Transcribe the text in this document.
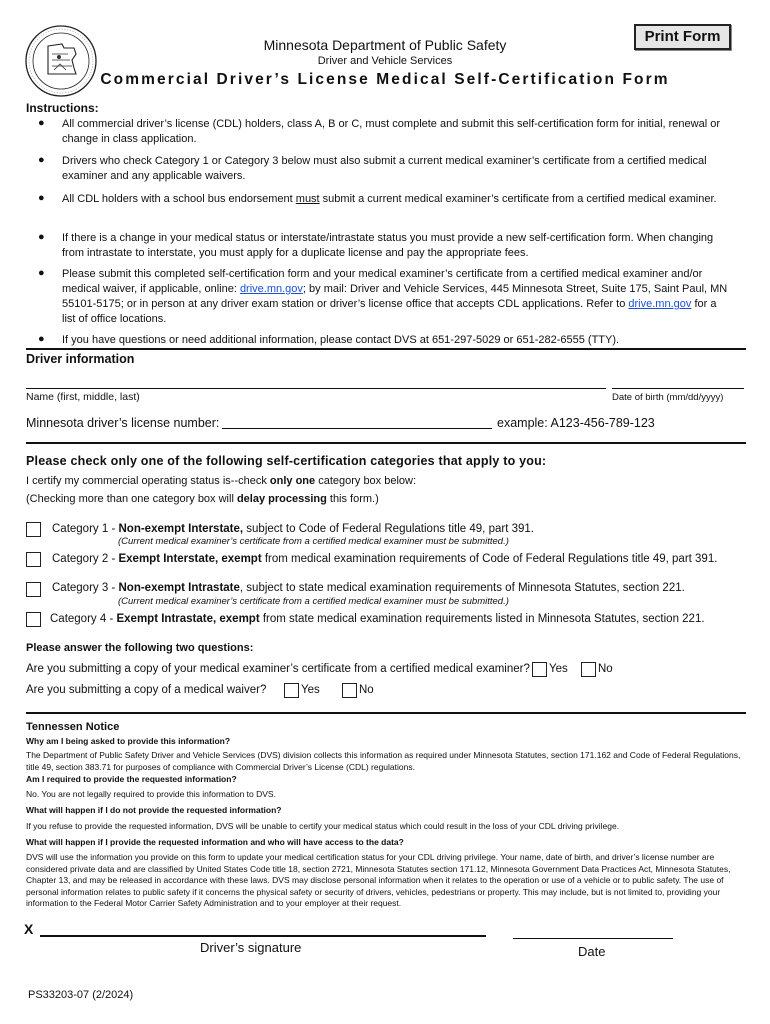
Print Form
Minnesota Department of Public Safety
Driver and Vehicle Services
Commercial Driver’s License Medical Self-Certification Form
Instructions:
● All commercial driver’s license (CDL) holders, class A, B or C, must complete and submit this self-certification form for initial, renewal or change in class application.
● Drivers who check Category 1 or Category 3 below must also submit a current medical examiner’s certificate from a certified medical examiner and any applicable waivers.
● All CDL holders with a school bus endorsement must submit a current medical examiner’s certificate from a certified medical examiner.
● If there is a change in your medical status or interstate/intrastate status you must provide a new self-certification form. When changing from intrastate to interstate, you must apply for a duplicate license and pay the appropriate fees.
● Please submit this completed self-certification form and your medical examiner’s certificate from a certified medical examiner and/or medical waiver, if applicable, online: drive.mn.gov; by mail: Driver and Vehicle Services, 445 Minnesota Street, Suite 175, Saint Paul, MN 55101-5175; or in person at any driver exam station or driver’s license office that accepts CDL applications. Refer to drive.mn.gov for a list of office locations.
● If you have questions or need additional information, please contact DVS at 651-297-5029 or 651-282-6555 (TTY).
Driver information
Name (first, middle, last)	Date of birth (mm/dd/yyyy)
Minnesota driver’s license number:	example: A123-456-789-123
Please check only one of the following self-certification categories that apply to you:
I certify my commercial operating status is--check only one category box below:
(Checking more than one category box will delay processing this form.)
Category 1 - Non-exempt Interstate, subject to Code of Federal Regulations title 49, part 391.
(Current medical examiner’s certificate from a certified medical examiner must be submitted.)
Category 2 - Exempt Interstate, exempt from medical examination requirements of Code of Federal Regulations title 49, part 391.
Category 3 - Non-exempt Intrastate, subject to state medical examination requirements of Minnesota Statutes, section 221.
(Current medical examiner’s certificate from a certified medical examiner must be submitted.)
Category 4 - Exempt Intrastate, exempt from state medical examination requirements listed in Minnesota Statutes, section 221.
Please answer the following two questions:
Are you submitting a copy of your medical examiner’s certificate from a certified medical examiner? Yes	No
Are you submitting a copy of a medical waiver?	Yes	No
Tennessen Notice
Why am I being asked to provide this information?
The Department of Public Safety Driver and Vehicle Services (DVS) division collects this information as required under Minnesota Statutes, section 171.162 and Code of Federal Regulations, title 49, section 383.71 for purposes of compliance with Commercial Driver’s License (CDL) regulations.
Am I required to provide the requested information?
No. You are not legally required to provide this information to DVS.
What will happen if I do not provide the requested information?
If you refuse to provide the requested information, DVS will be unable to certify your medical status which could result in the loss of your CDL driving privilege.
What will happen if I provide the requested information and who will have access to the data?
DVS will use the information you provide on this form to update your medical certification status for your CDL driving privilege. Your name, date of birth, and driver’s license number are considered private data and are classified by United States Code title 18, section 2721, Minnesota Statutes section 171.12, Minnesota Government Data Practices Act, Minnesota Statutes, Chapter 13, and may be released in accordance with these laws. DVS may disclose personal information when it relates to the operation or use of a vehicle or to public safety. The use of personal information relates to public safety if it concerns the physical safety or security of drivers, vehicles, pedestrians or property. This may include, but is not limited to, providing your information to the Federal Motor Carrier Safety Administration and to your employer at their request.
X
Driver’s signature	Date
PS33203-07 (2/2024)
